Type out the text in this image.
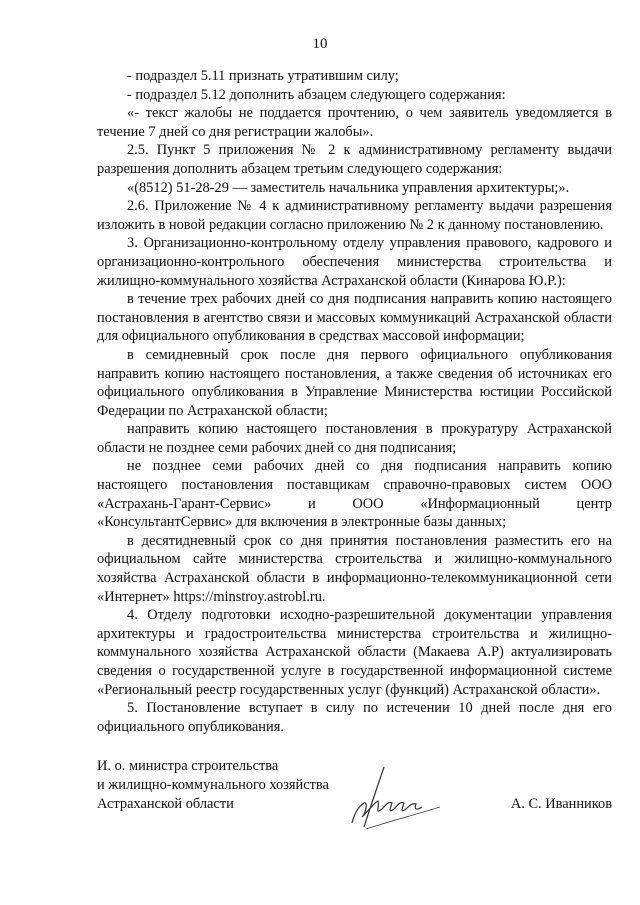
10

- подраздел 5.11 признать утратившим силу;

- подраздел 5.12 дополнить абзацем следующего содержания:

«- текст жалобы не поддается прочтению, о чем заявитель уведомляется в течение 7 дней со дня регистрации жалобы».

2.5. Пункт 5 приложения № 2 к административному регламенту выдачи разрешения дополнить абзацем третьим следующего содержания:

«(8512) 51-28-29 — заместитель начальника управления архитектуры;».

2.6. Приложение № 4 к административному регламенту выдачи разрешения изложить в новой редакции согласно приложению № 2 к данному постановлению.

3. Организационно-контрольному отделу управления правового, кадрового и организационно-контрольного обеспечения министерства строительства и жилищно-коммунального хозяйства Астраханской области (Кинарова Ю.Р.):

в течение трех рабочих дней со дня подписания направить копию настоящего постановления в агентство связи и массовых коммуникаций Астраханской области для официального опубликования в средствах массовой информации;

в семидневный срок после дня первого официального опубликования направить копию настоящего постановления, а также сведения об источниках его официального опубликования в Управление Министерства юстиции Российской Федерации по Астраханской области;

направить копию настоящего постановления в прокуратуру Астраханской области не позднее семи рабочих дней со дня подписания;

не позднее семи рабочих дней со дня подписания направить копию настоящего постановления поставщикам справочно-правовых систем ООО «Астрахань-Гарант-Сервис» и ООО «Информационный центр «КонсультантСервис» для включения в электронные базы данных;

в десятидневный срок со дня принятия постановления разместить его на официальном сайте министерства строительства и жилищно-коммунального хозяйства Астраханской области в информационно-телекоммуникационной сети «Интернет» https://minstroy.astrobl.ru.

4. Отделу подготовки исходно-разрешительной документации управления архитектуры и градостроительства министерства строительства и жилищно-коммунального хозяйства Астраханской области (Макаева А.Р) актуализировать сведения о государственной услуге в государственной информационной системе «Региональный реестр государственных услуг (функций) Астраханской области».

5. Постановление вступает в силу по истечении 10 дней после дня его официального опубликования.

И. о. министра строительства
и жилищно-коммунального хозяйства
Астраханской области	А. С. Иванников
